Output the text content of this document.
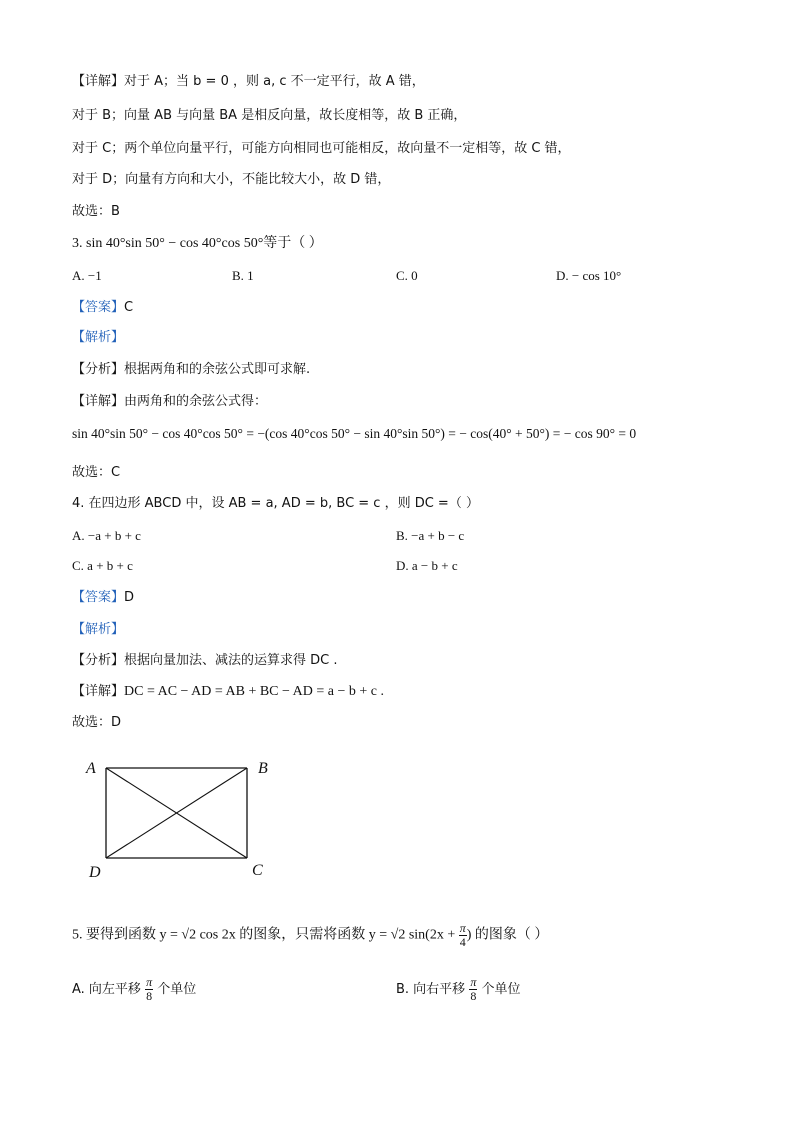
【详解】对于 A；当 b = 0 ，则 a, c 不一定平行，故 A 错，
对于 B；向量 AB 与向量 BA 是相反向量，故长度相等，故 B 正确，
对于 C；两个单位向量平行，可能方向相同也可能相反，故向量不一定相等，故 C 错，
对于 D；向量有方向和大小，不能比较大小，故 D 错，
故选：B
3. sin 40°sin 50° − cos 40°cos 50°等于（ ）
A. −1	B. 1	C. 0	D. − cos 10°
【答案】C
【解析】
【分析】根据两角和的余弦公式即可求解.
【详解】由两角和的余弦公式得：
sin 40°sin 50° − cos 40°cos 50° = −(cos 40°cos 50° − sin 40°sin 50°) = − cos(40° + 50°) = − cos 90° = 0
故选：C
4. 在四边形 ABCD 中，设 AB = a, AD = b, BC = c ，则 DC =（ ）
A. −a + b + c	B. −a + b − c
C. a + b + c	D. a − b + c
【答案】D
【解析】
【分析】根据向量加法、减法的运算求得 DC .
【详解】DC = AC − AD = AB + BC − AD = a − b + c .
故选：D
A	B
C
D
5. 要得到函数 y = √2 cos 2x 的图象，只需将函数 y = √2 $\sin(2x + \frac{\pi}{4}$ ) 的图象（ ）
A. 向左平移 $\frac{\pi}{8}$ 个单位	B. 向右平移 $\frac{\pi}{8}$ 个单位
